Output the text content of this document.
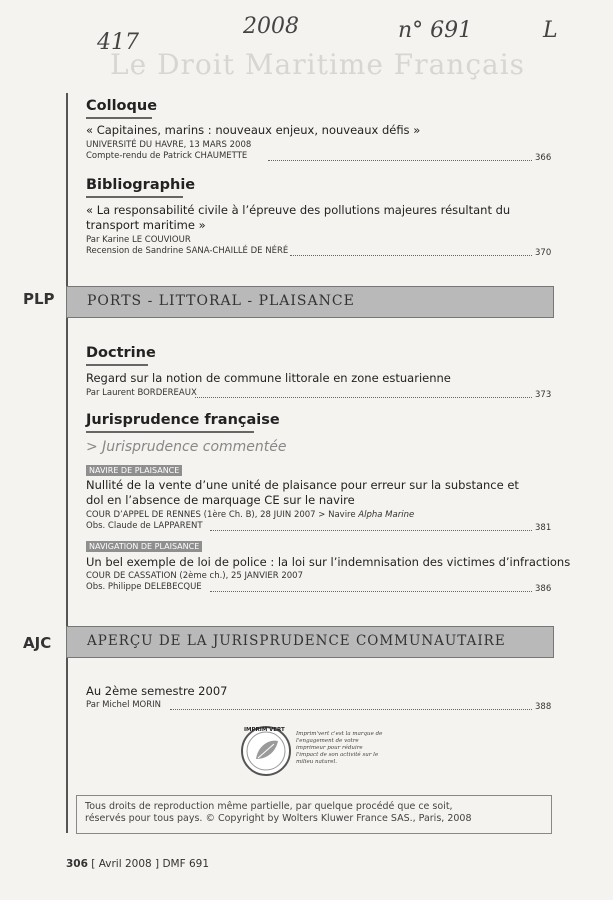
417
2008	n° 691	L
Le Droit Maritime Français
Colloque
« Capitaines, marins : nouveaux enjeux, nouveaux défis »
UNIVERSITÉ DU HAVRE, 13 MARS 2008
Compte-rendu de Patrick CHAUMETTE	366
Bibliographie
« La responsabilité civile à l’épreuve des pollutions majeures résultant du transport maritime »
Par Karine LE COUVIOUR
Recension de Sandrine SANA-CHAILLÉ DE NÉRÉ	370
PLP PORTS - LITTORAL - PLAISANCE
Doctrine
Regard sur la notion de commune littorale en zone estuarienne
Par Laurent BORDEREAUX	373
Jurisprudence française
> Jurisprudence commentée
NAVIRE DE PLAISANCE
Nullité de la vente d’une unité de plaisance pour erreur sur la substance et dol en l’absence de marquage CE sur le navire
COUR D’APPEL DE RENNES (1ère Ch. B), 28 JUIN 2007 > Navire Alpha Marine
Obs. Claude de LAPPARENT	381
NAVIGATION DE PLAISANCE
Un bel exemple de loi de police : la loi sur l’indemnisation des victimes d’infractions
COUR DE CASSATION (2ème ch.), 25 JANVIER 2007
Obs. Philippe DELEBECQUE	386
AJC	APERÇU DE LA JURISPRUDENCE COMMUNAUTAIRE
Au 2ème semestre 2007
Par Michel MORIN	388
IMPRIM'VERT
Imprim'vert c'est la marque de l'engagement de votre imprimeur pour réduire l'impact de son activité sur le milieu naturel.
Tous droits de reproduction même partielle, par quelque procédé que ce soit,
réservés pour tous pays. © Copyright by Wolters Kluwer France SAS., Paris, 2008
306 [ Avril 2008 ] DMF 691
